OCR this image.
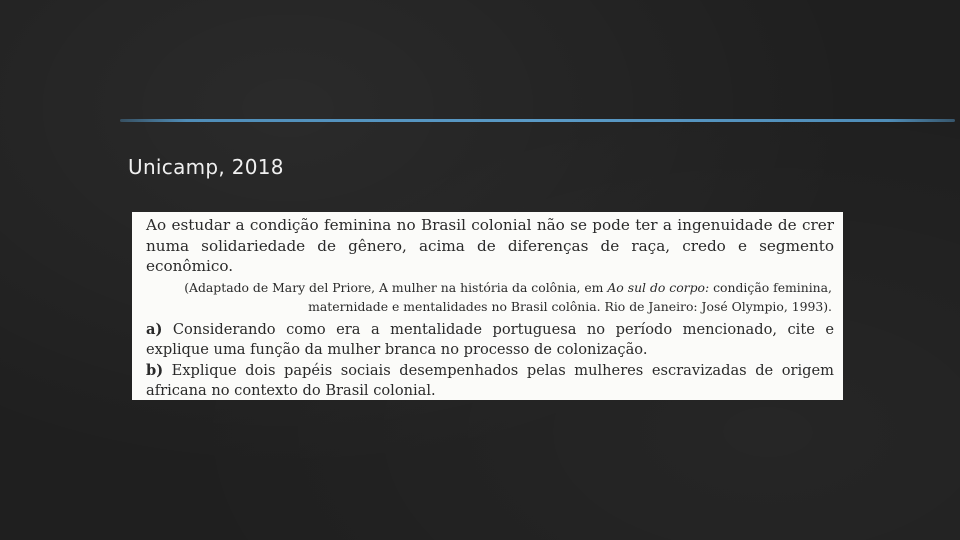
Unicamp, 2018

Ao estudar a condição feminina no Brasil colonial não se pode ter a ingenuidade de crer numa solidariedade de gênero, acima de diferenças de raça, credo e segmento econômico.

(Adaptado de Mary del Priore, A mulher na história da colônia, em Ao sul do corpo: condição feminina,
maternidade e mentalidades no Brasil colônia. Rio de Janeiro: José Olympio, 1993).

a) Considerando como era a mentalidade portuguesa no período mencionado, cite e explique uma função da mulher branca no processo de colonização.

b) Explique dois papéis sociais desempenhados pelas mulheres escravizadas de origem africana no contexto do Brasil colonial.
